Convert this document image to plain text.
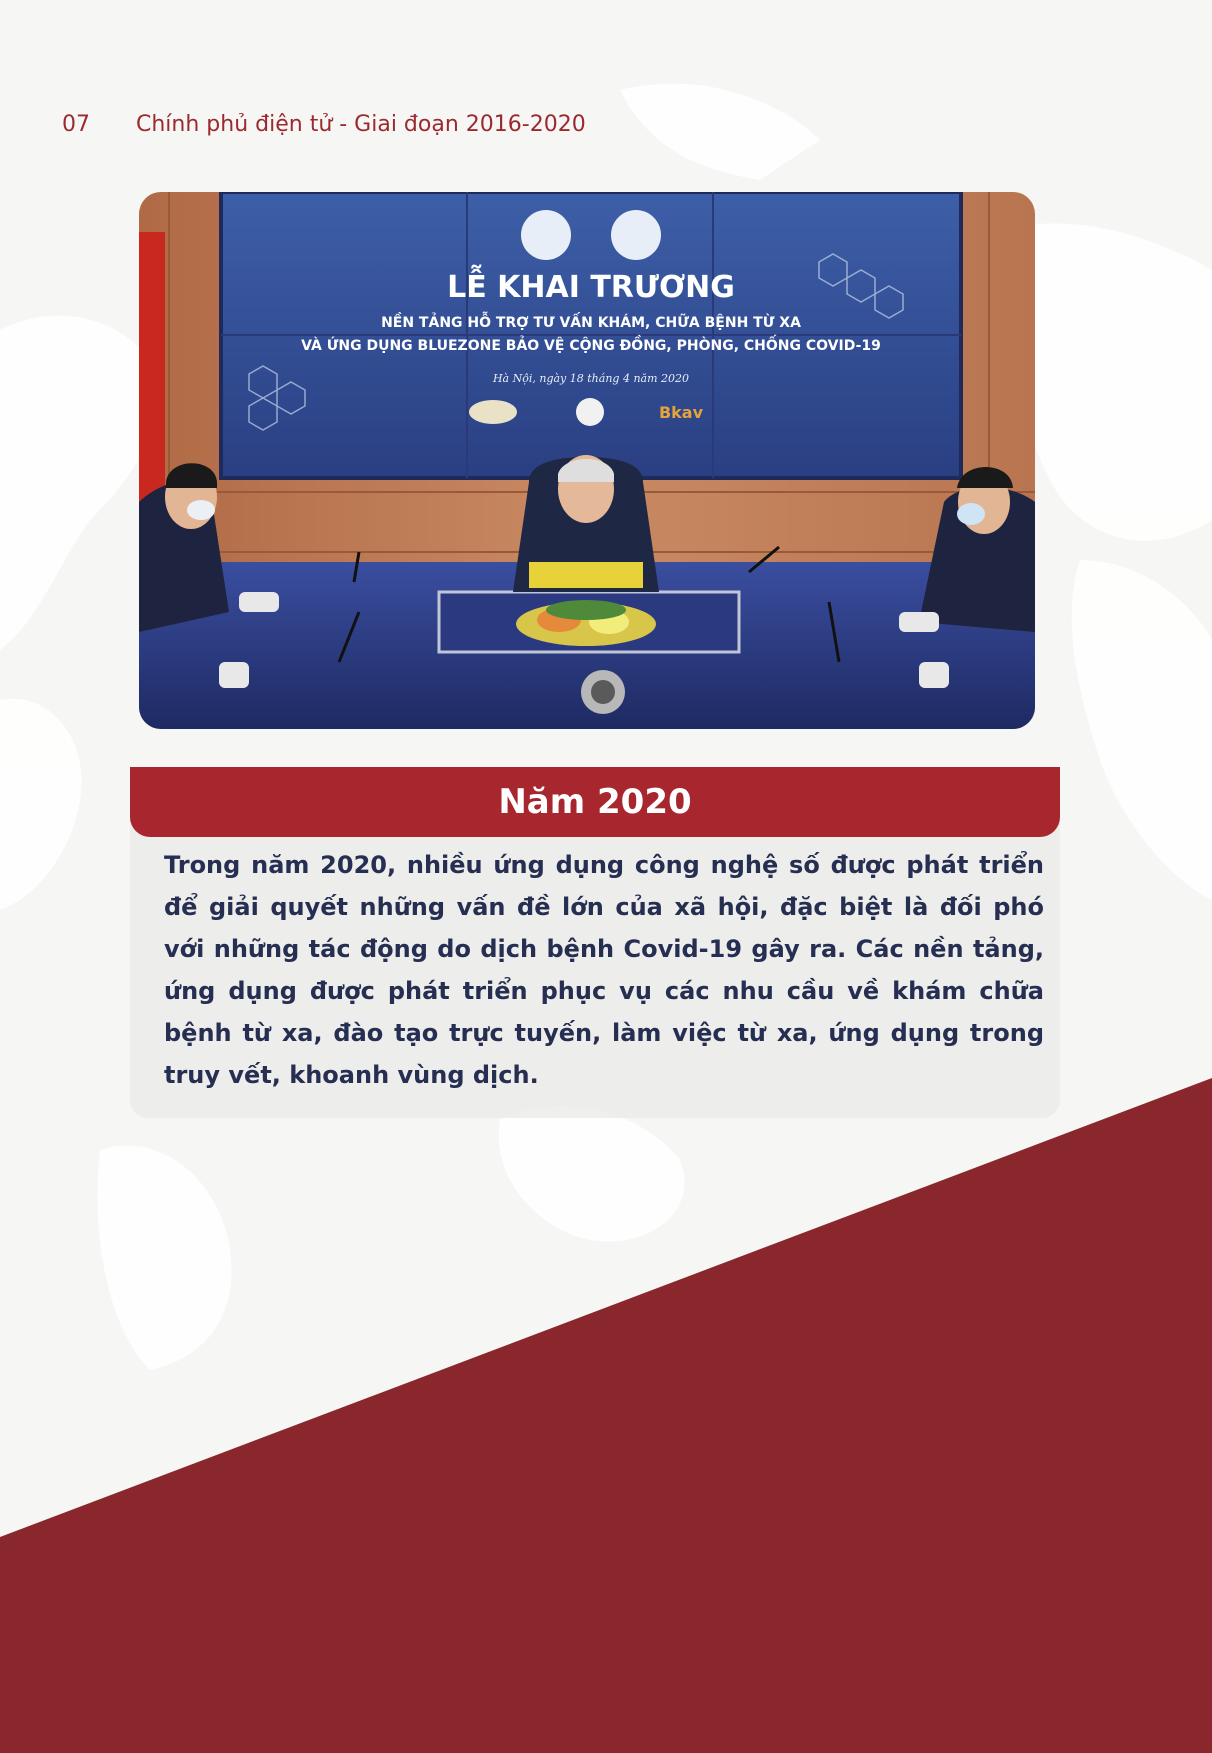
07	Chính phủ điện tử - Giai đoạn 2016-2020
LỄ KHAI TRƯƠNG
NỀN TẢNG HỖ TRỢ TƯ VẤN KHÁM, CHỮA BỆNH TỪ XA
VÀ ỨNG DỤNG BLUEZONE BẢO VỆ CỘNG ĐỒNG, PHÒNG, CHỐNG COVID-19
Hà Nội, ngày 18 tháng 4 năm 2020
Bkav
Năm 2020
Trong năm 2020, nhiều ứng dụng công nghệ số được phát triển để giải quyết những vấn đề lớn của xã hội, đặc biệt là đối phó với những tác động do dịch bệnh Covid-19 gây ra. Các nền tảng, ứng dụng được phát triển phục vụ các nhu cầu về khám chữa bệnh từ xa, đào tạo trực tuyến, làm việc từ xa, ứng dụng trong truy vết, khoanh vùng dịch.
